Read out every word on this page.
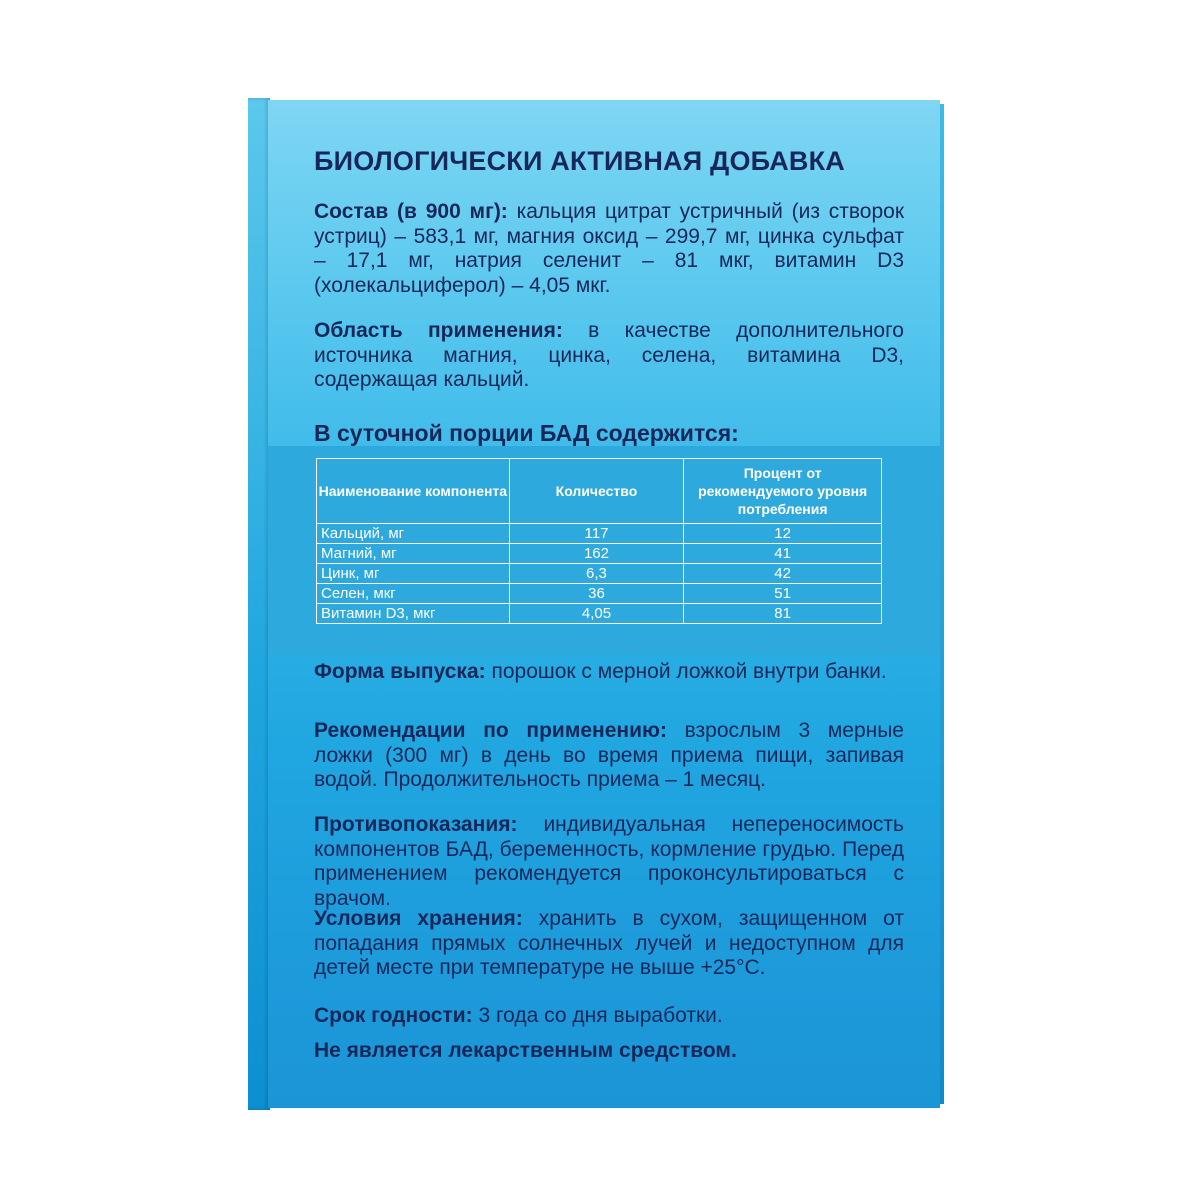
БИОЛОГИЧЕСКИ АКТИВНАЯ ДОБАВКА

Состав (в 900 мг): кальция цитрат устричный (из створок устриц) – 583,1 мг, магния оксид – 299,7 мг, цинка сульфат – 17,1 мг, натрия селенит – 81 мкг, витамин D3 (холекальциферол) – 4,05 мкг.

Область применения: в качестве дополнительного источника магния, цинка, селена, витамина D3, содержащая кальций.

В суточной порции БАД содержится:
Наименование компонента	Количество	Процент от рекомендуемого уровня потребления
Кальций, мг	117	12
Магний, мг	162	41
Цинк, мг	6,3	42
Селен, мкг	36	51
Витамин D3, мкг	4,05	81

Форма выпуска: порошок с мерной ложкой внутри банки.

Рекомендации по применению: взрослым 3 мерные ложки (300 мг) в день во время приема пищи, запивая водой. Продолжительность приема – 1 месяц.

Противопоказания: индивидуальная непереносимость компонентов БАД, беременность, кормление грудью. Перед применением рекомендуется проконсультироваться с врачом.

Условия хранения: хранить в сухом, защищенном от попадания прямых солнечных лучей и недоступном для детей месте при температуре не выше +25°С.

Срок годности: 3 года со дня выработки.

Не является лекарственным средством.
